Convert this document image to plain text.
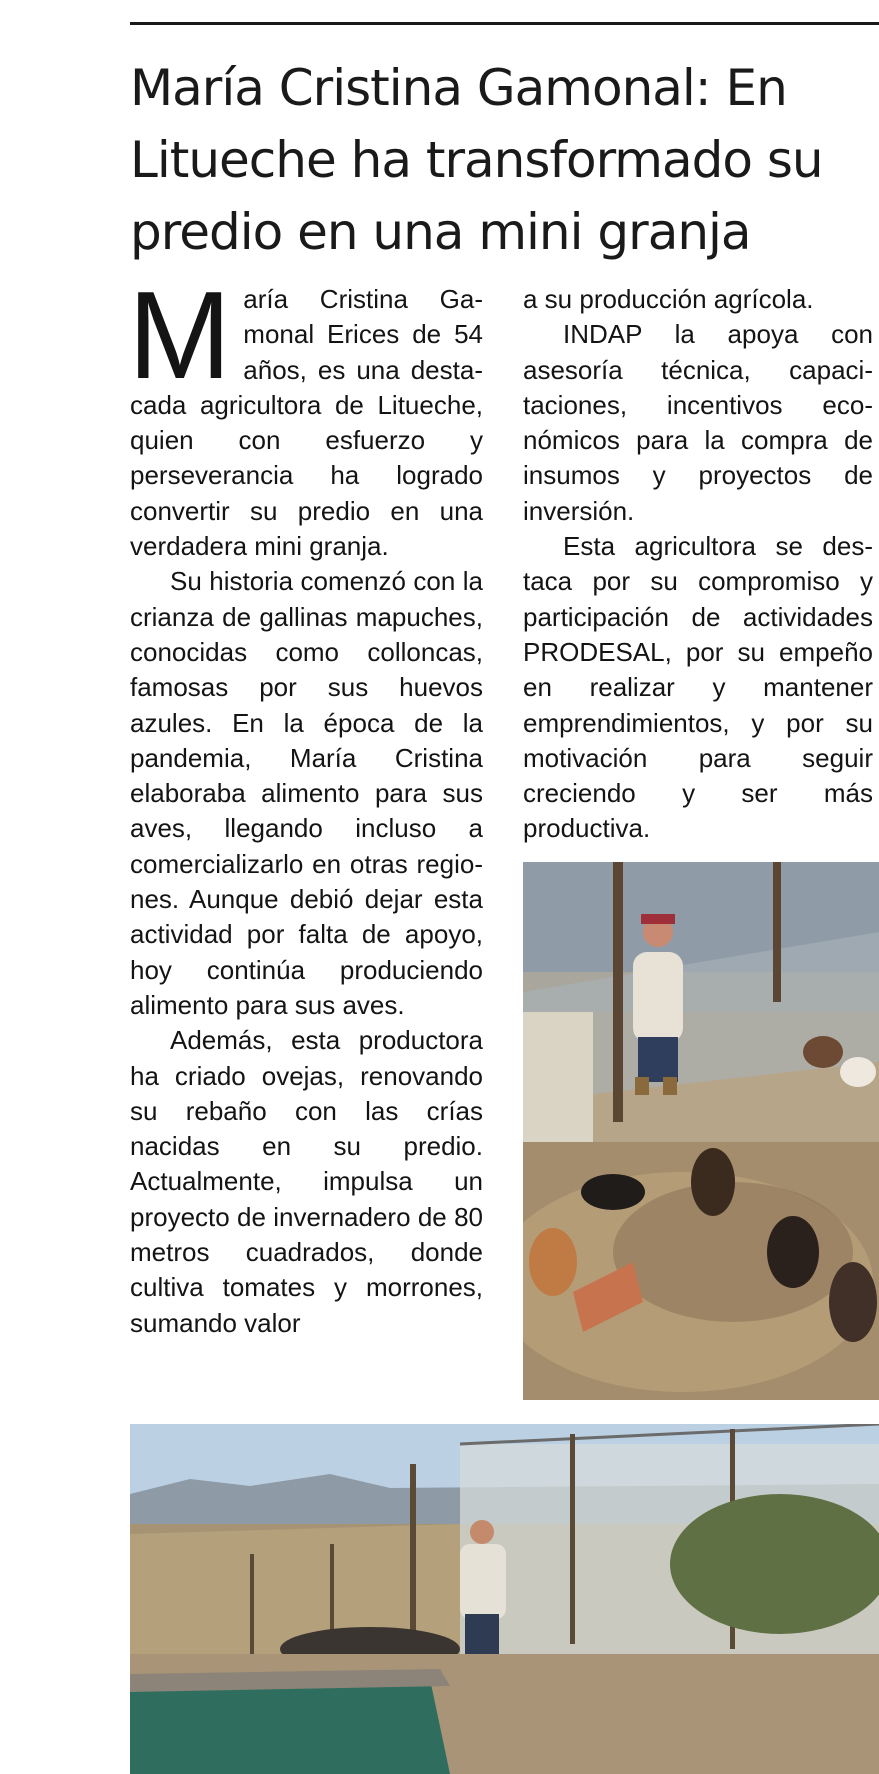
María Cristina Gamonal: En
Litueche ha transformado su
predio en una mini granja

María Cristina Gamonal Erices de 54 años, es una destacada agricultora de Litueche, quien con esfuerzo y perseverancia ha logrado convertir su predio en una verdadera mini granja.

Su historia comenzó con la crianza de gallinas mapuches, conocidas como colloncas, famosas por sus huevos azules. En la época de la pandemia, María Cristina elaboraba alimento para sus aves, llegando incluso a comercializarlo en otras regiones. Aunque debió dejar esta actividad por falta de apoyo, hoy continúa produciendo alimento para sus aves.

Además, esta productora ha criado ovejas, renovando su rebaño con las crías nacidas en su predio. Actualmente, impulsa un proyecto de invernadero de 80 metros cuadrados, donde cultiva tomates y morrones, sumando valor

a su producción agrícola.

INDAP la apoya con asesoría técnica, capacitaciones, incentivos económicos para la compra de insumos y proyectos de inversión.

Esta agricultora se destaca por su compromiso y participación de actividades PRODESAL, por su empeño en realizar y mantener emprendimientos, y por su motivación para seguir creciendo y ser más productiva.
